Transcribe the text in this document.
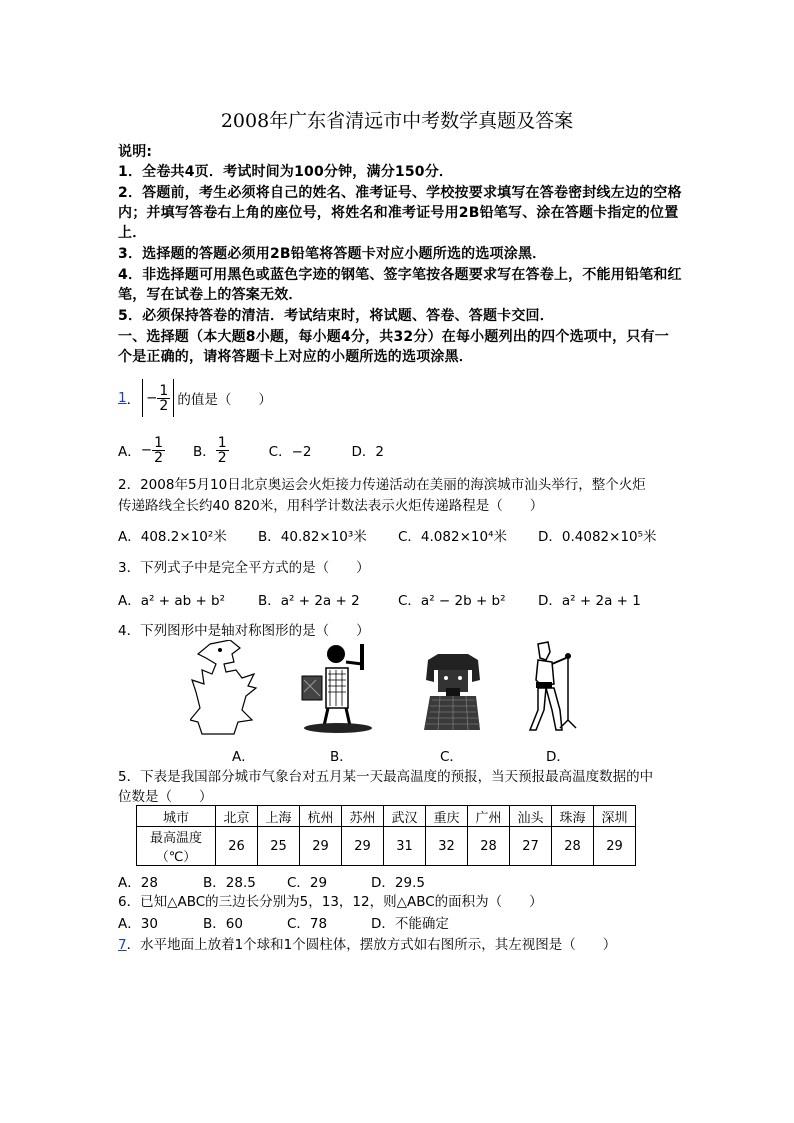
2008年广东省清远市中考数学真题及答案
说明:
1．全卷共4页．考试时间为100分钟，满分150分．
2．答题前，考生必须将自己的姓名、准考证号、学校按要求填写在答卷密封线左边的空格
内；并填写答卷右上角的座位号，将姓名和准考证号用2B铅笔写、涂在答题卡指定的位置
上．
3．选择题的答题必须用2B铅笔将答题卡对应小题所选的选项涂黑．
4．非选择题可用黑色或蓝色字迹的钢笔、签字笔按各题要求写在答卷上，不能用铅笔和红
笔，写在试卷上的答案无效．
5．必须保持答卷的清洁．考试结束时，将试题、答卷、答题卡交回．
一、选择题（本大题8小题，每小题4分，共32分）在每小题列出的四个选项中，只有一
个是正确的，请将答题卡上对应的小题所选的选项涂黑．
1 ． − $\frac{1}{2}$ 的值是（　　）
A． − $\frac{1}{2}$ B． $\frac{1}{2}$	C．−2	D．2
2．2008年5月10日北京奥运会火炬接力传递活动在美丽的海滨城市汕头举行，整个火炬
传递路线全长约40 820米，用科学计数法表示火炬传递路程是（　　）
A．408.2×10²米 B．40.82×10³米 C．4.082×10⁴米 D．0.4082×10⁵米
3．下列式子中是完全平方式的是（　　）
A．a² + ab + b² B．a² + 2a + 2	C．a² − 2b + b² D．a² + 2a + 1
4．下列图形中是轴对称图形的是（　　）
A．	B．	C．	D．
5．下表是我国部分城市气象台对五月某一天最高温度的预报，当天预报最高温度数据的中
位数是（　　）
城市	北京	上海	杭州	苏州	武汉	重庆	广州	汕头	珠海	深圳

最高温度
（℃）	26	25	29	29	31	32	28	27	28	29
A．28	B．28.5 C．29	D．29.5
6．已知△ABC的三边长分别为5，13，12，则△ABC的面积为（　　）
A．30	B．60	C．78	D．不能确定
7．水平地面上放着1个球和1个圆柱体，摆放方式如右图所示，其左视图是（　　）
